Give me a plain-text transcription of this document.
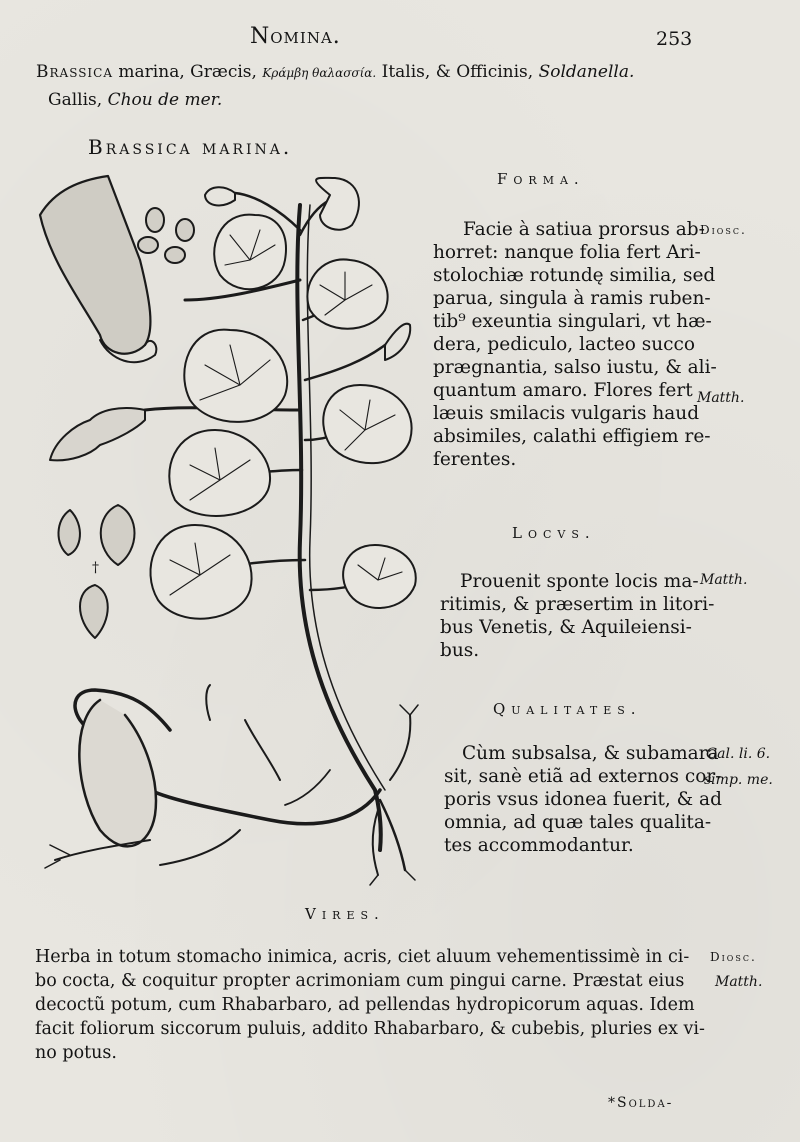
Nomina.	253
Brassica marina, Græcis, Κράμβη θαλασσία. Italis, & Officinis, Soldanella.
Gallis, Chou de mer.
Brassica marina.
†
Forma.
Facie à satiua prorsus ab-
horret: nanque folia fert Ari-
stolochiæ rotundę similia, sed
parua, singula à ramis ruben-
tib⁹ exeuntia singulari, vt hæ-
dera, pediculo, lacteo succo
prægnantia, salso iustu, & ali-
quantum amaro. Flores fert
læuis smilacis vulgaris haud
absimiles, calathi effigiem re-
ferentes.
Diosc.
Matth.
Locvs.
Prouenit sponte locis ma-
ritimis, & præsertim in litori-
bus Venetis, & Aquileiensi-
bus.
Matth.
Qualitates.
Cùm subsalsa, & subamara
sit, sanè etiã ad externos cor-
poris vsus idonea fuerit, & ad
omnia, ad quæ tales qualita-
tes accommodantur.
Gal. li. 6.
simp. me.
Vires.
Herba in totum stomacho inimica, acris, ciet aluum vehementissimè in ci-
bo cocta, & coquitur propter acrimoniam cum pingui carne. Præstat eius
decoctũ potum, cum Rhabarbaro, ad pellendas hydropicorum aquas. Idem
facit foliorum siccorum puluis, addito Rhabarbaro, & cubebis, pluries ex vi-
no potus.
Diosc.
Matth.
*Solda-
